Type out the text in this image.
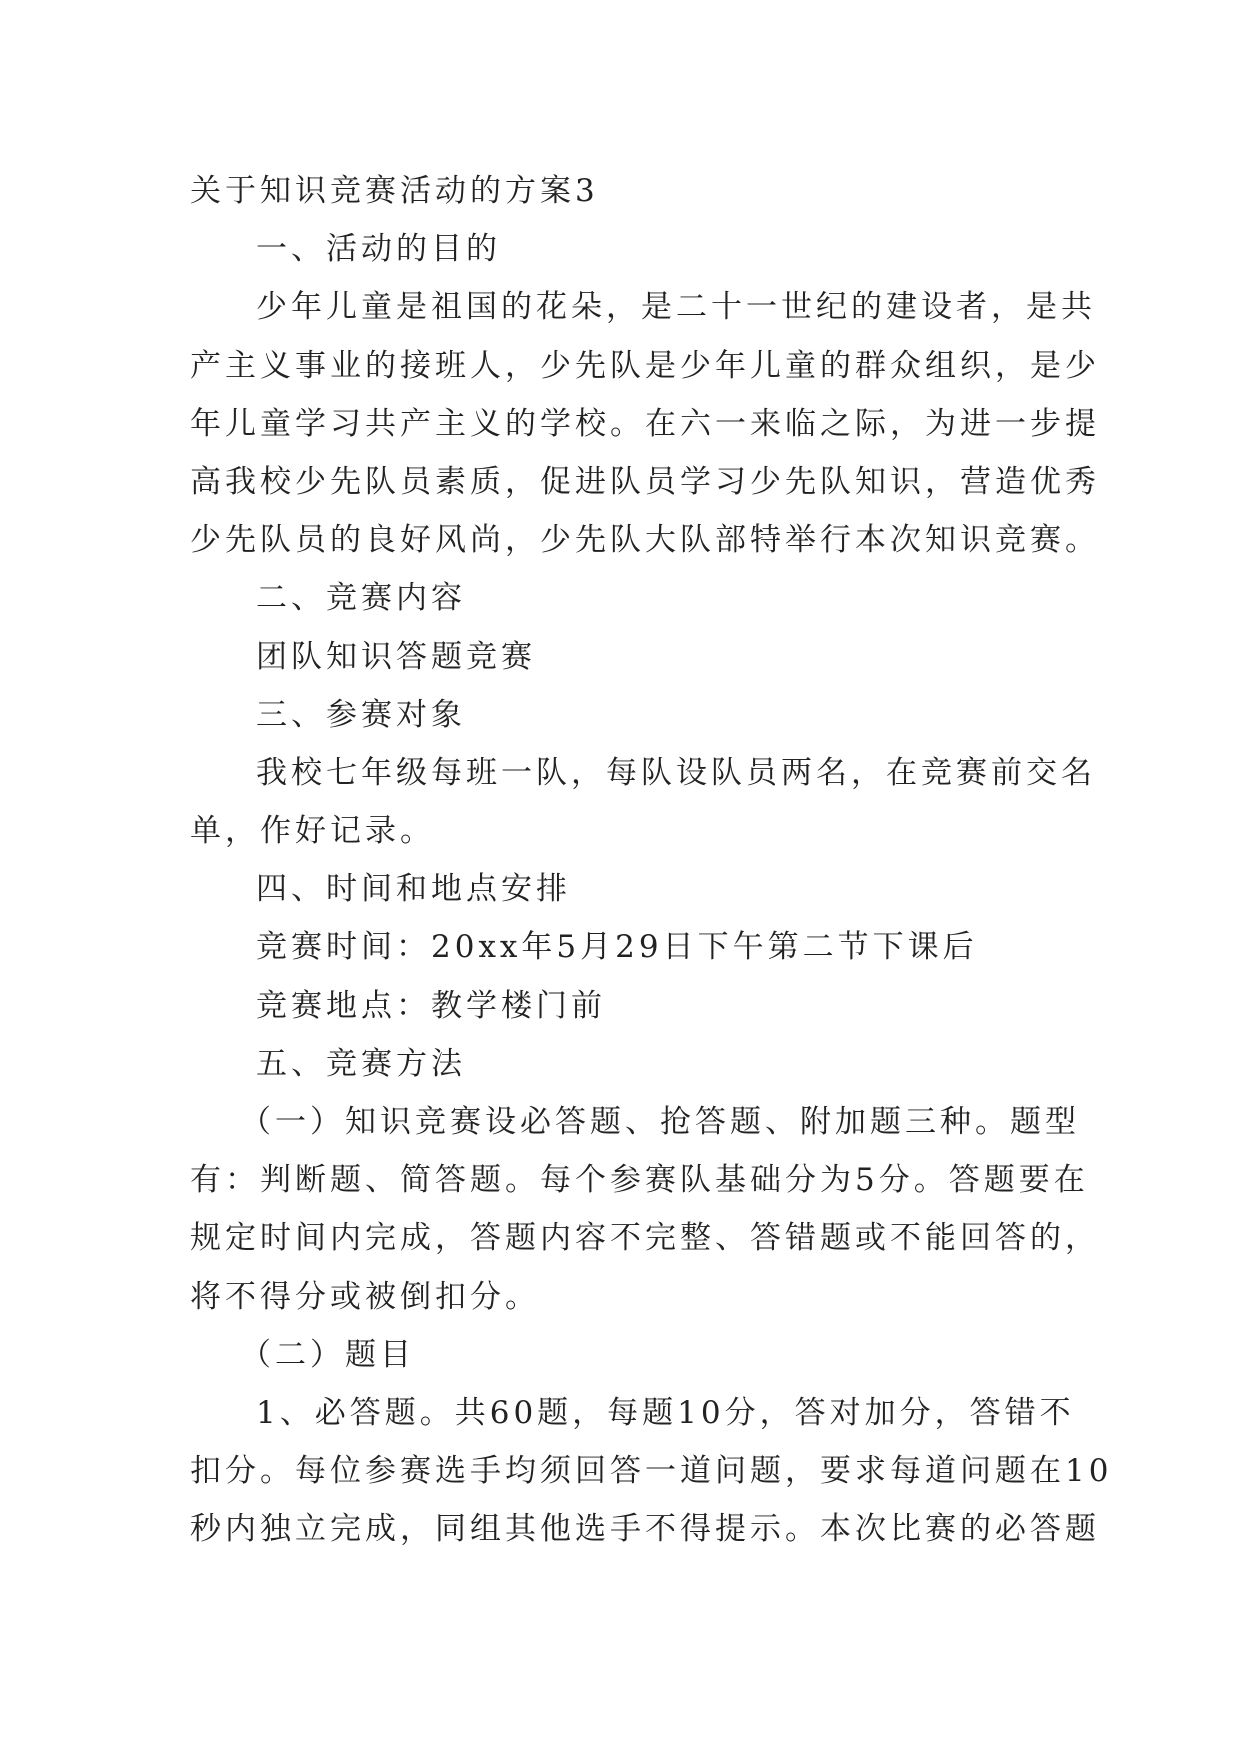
关于知识竞赛活动的方案3
一、活动的目的
少年儿童是祖国的花朵，是二十一世纪的建设者，是共
产主义事业的接班人，少先队是少年儿童的群众组织，是少
年儿童学习共产主义的学校。在六一来临之际，为进一步提
高我校少先队员素质，促进队员学习少先队知识，营造优秀
少先队员的良好风尚，少先队大队部特举行本次知识竞赛。
二、竞赛内容
团队知识答题竞赛
三、参赛对象
我校七年级每班一队，每队设队员两名，在竞赛前交名
单，作好记录。
四、时间和地点安排
竞赛时间：20xx年5月29日下午第二节下课后
竞赛地点：教学楼门前
五、竞赛方法
（一）知识竞赛设必答题、抢答题、附加题三种。题型
有：判断题、简答题。每个参赛队基础分为5分。答题要在
规定时间内完成，答题内容不完整、答错题或不能回答的，
将不得分或被倒扣分。
（二）题目
1、必答题。共60题，每题10分，答对加分，答错不
扣分。每位参赛选手均须回答一道问题，要求每道问题在10
秒内独立完成，同组其他选手不得提示。本次比赛的必答题
